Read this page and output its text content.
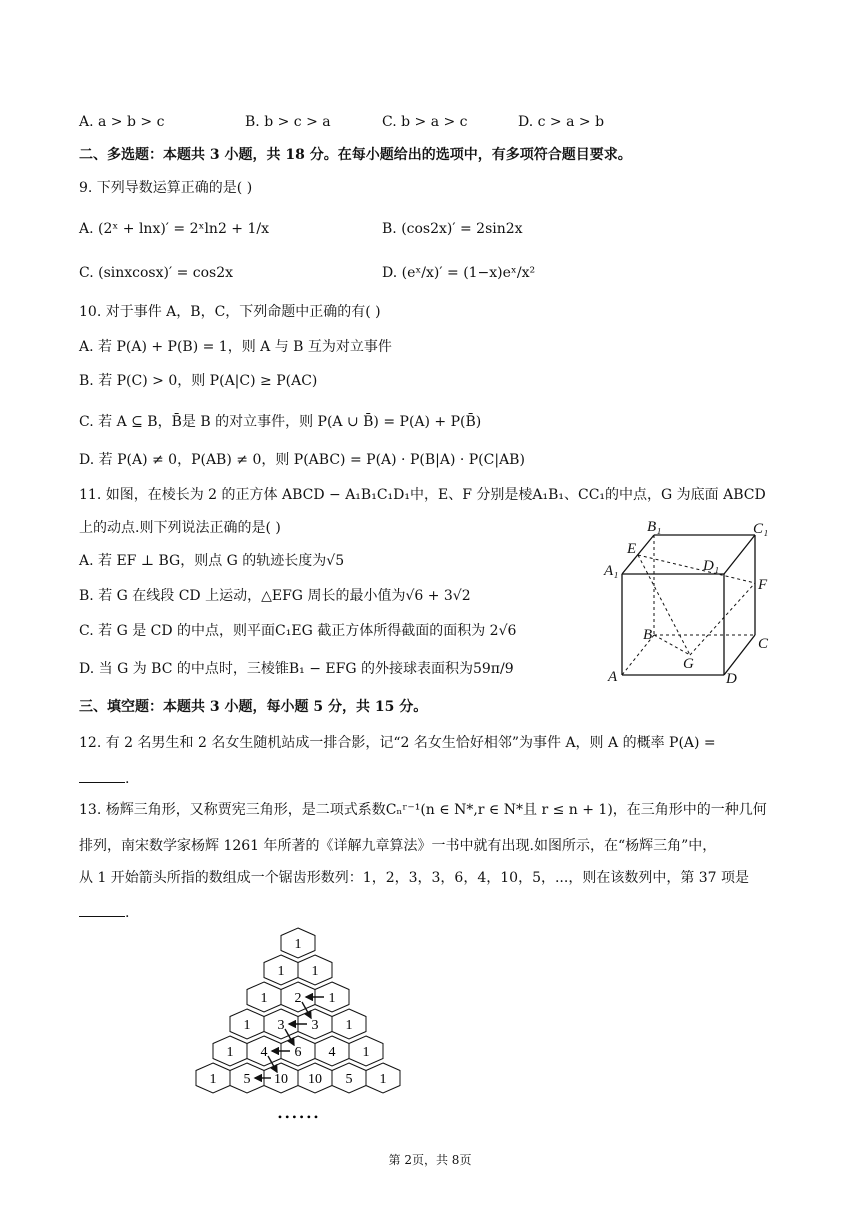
A. a > b > c	B. b > c > a	C. b > a > c	D. c > a > b
二、多选题：本题共 3 小题，共 18 分。在每小题给出的选项中，有多项符合题目要求。
9. 下列导数运算正确的是( )
A. (2ˣ + lnx)′ = 2ˣln2 + 1/x	B. (cos2x)′ = 2sin2x
C. (sinxcosx)′ = cos2x	D. (eˣ/x)′ = (1−x)eˣ/x²
10. 对于事件 A，B，C，下列命题中正确的有( )
A. 若 P(A) + P(B) = 1，则 A 与 B 互为对立事件
B. 若 P(C) > 0，则 P(A|C) ≥ P(AC)
C. 若 A ⊆ B，B̄是 B 的对立事件，则 P(A ∪ B̄) = P(A) + P(B̄)
D. 若 P(A) ≠ 0，P(AB) ≠ 0，则 P(ABC) = P(A) · P(B|A) · P(C|AB)
11. 如图，在棱长为 2 的正方体 ABCD − A₁B₁C₁D₁中，E、F 分别是棱A₁B₁、CC₁的中点，G 为底面 ABCD
上的动点.则下列说法正确的是( )
A. 若 EF ⊥ BG，则点 G 的轨迹长度为√5
B. 若 G 在线段 CD 上运动，△EFG 周长的最小值为√6 + 3√2
C. 若 G 是 CD 的中点，则平面C₁EG 截正方体所得截面的面积为 2√6
D. 当 G 为 BC 的中点时，三棱锥B₁ − EFG 的外接球表面积为59π/9
B₁	C₁
E
D₁
A₁
F
B
C
G
A	D
三、填空题：本题共 3 小题，每小题 5 分，共 15 分。
12. 有 2 名男生和 2 名女生随机站成一排合影，记“2 名女生恰好相邻”为事件 A，则 A 的概率 P(A) =
.
13. 杨辉三角形，又称贾宪三角形，是二项式系数Cₙʳ⁻¹(n ∈ N*,r ∈ N*且 r ≤ n + 1)，在三角形中的一种几何
排列，南宋数学家杨辉 1261 年所著的《详解九章算法》一书中就有出现.如图所示，在“杨辉三角”中，
从 1 开始箭头所指的数组成一个锯齿形数列：1，2，3，3，6，4，10，5，...，则在该数列中，第 37 项是
.
1
1 1
1 2 1
1 3 3 1
1 4 6 4 1
1 5 10 10 5 1
• • • • • •
第 2页，共 8页
